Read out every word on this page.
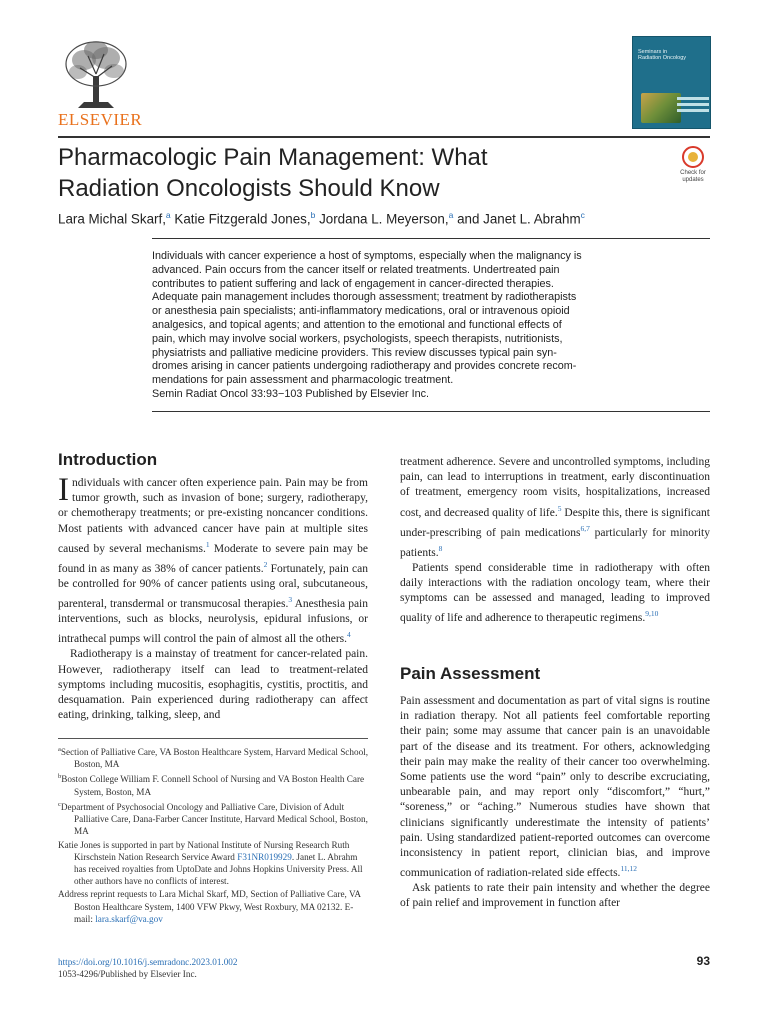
ELSEVIER
Seminars in
Radiation Oncology
Pharmacologic Pain Management: What
Radiation Oncologists Should Know
Check for
updates
Lara Michal Skarf,$^a$ Katie Fitzgerald Jones,$^b$ Jordana L. Meyerson,$^a$ and Janet L. Abrahm$^c$
Individuals with cancer experience a host of symptoms, especially when the malignancy is
advanced. Pain occurs from the cancer itself or related treatments. Undertreated pain
contributes to patient suffering and lack of engagement in cancer-directed therapies.
Adequate pain management includes thorough assessment; treatment by radiotherapists
or anesthesia pain specialists; anti-inflammatory medications, oral or intravenous opioid
analgesics, and topical agents; and attention to the emotional and functional effects of
pain, which may involve social workers, psychologists, speech therapists, nutritionists,
physiatrists and palliative medicine providers. This review discusses typical pain syn-
dromes arising in cancer patients undergoing radiotherapy and provides concrete recom-
mendations for pain assessment and pharmacologic treatment.
Semin Radiat Oncol 33:93−103 Published by Elsevier Inc.
Introduction

Individuals with cancer often experience pain. Pain may be from tumor growth, such as invasion of bone; surgery, radiotherapy, or chemotherapy treatments; or pre-existing noncancer conditions. Most patients with advanced cancer have pain at multiple sites caused by several mechanisms.$^1$ Moderate to severe pain may be found in as many as 38% of cancer patients.$^2$ Fortunately, pain can be controlled for 90% of cancer patients using oral, subcutaneous, parenteral, transdermal or transmucosal therapies.$^3$ Anesthesia pain interventions, such as blocks, neurolysis, epidural infusions, or intrathecal pumps will control the pain of almost all the others.$^4$

Radiotherapy is a mainstay of treatment for cancer-related pain. However, radiotherapy itself can lead to treatment-related symptoms including mucositis, esophagitis, cystitis, proctitis, and desquamation. Pain experienced during radiotherapy can affect eating, drinking, talking, sleep, and

$^a$Section of Palliative Care, VA Boston Healthcare System, Harvard Medical School, Boston, MA
$^b$Boston College William F. Connell School of Nursing and VA Boston Health Care System, Boston, MA
$^c$Department of Psychosocial Oncology and Palliative Care, Division of Adult Palliative Care, Dana-Farber Cancer Institute, Harvard Medical School, Boston, MA
Katie Jones is supported in part by National Institute of Nursing Research Ruth Kirschstein Nation Research Service Award F31NR019929. Janet L. Abrahm has received royalties from UptoDate and Johns Hopkins University Press. All other authors have no conflicts of interest.
Address reprint requests to Lara Michal Skarf, MD, Section of Palliative Care, VA Boston Healthcare System, 1400 VFW Pkwy, West Roxbury, MA 02132. E-mail: lara.skarf@va.gov

treatment adherence. Severe and uncontrolled symptoms, including pain, can lead to interruptions in treatment, early discontinuation of treatment, emergency room visits, hospitalizations, increased cost, and decreased quality of life.$^5$ Despite this, there is significant under-prescribing of pain medications$^{6,7}$ particularly for minority patients.$^8$

Patients spend considerable time in radiotherapy with often daily interactions with the radiation oncology team, where their symptoms can be assessed and managed, leading to improved quality of life and adherence to therapeutic regimens.$^{9,10}$

Pain Assessment

Pain assessment and documentation as part of vital signs is routine in radiation therapy. Not all patients feel comfortable reporting their pain; some may assume that cancer pain is an unavoidable part of the disease and its treatment. For others, acknowledging their pain may make the reality of their cancer too overwhelming. Some patients use the word “pain” only to describe excruciating, unbearable pain, and may report only “discomfort,” “hurt,” “soreness,” or “aching.” Numerous studies have shown that clinicians significantly underestimate the intensity of patients’ pain. Using standardized patient-reported outcomes can overcome inconsistency in patient report, clinician bias, and improve communication of radiation-related side effects.$^{11,12}$

Ask patients to rate their pain intensity and whether the degree of pain relief and improvement in function after

https://doi.org/10.1016/j.semradonc.2023.01.002
1053-4296/Published by Elsevier Inc.
93
